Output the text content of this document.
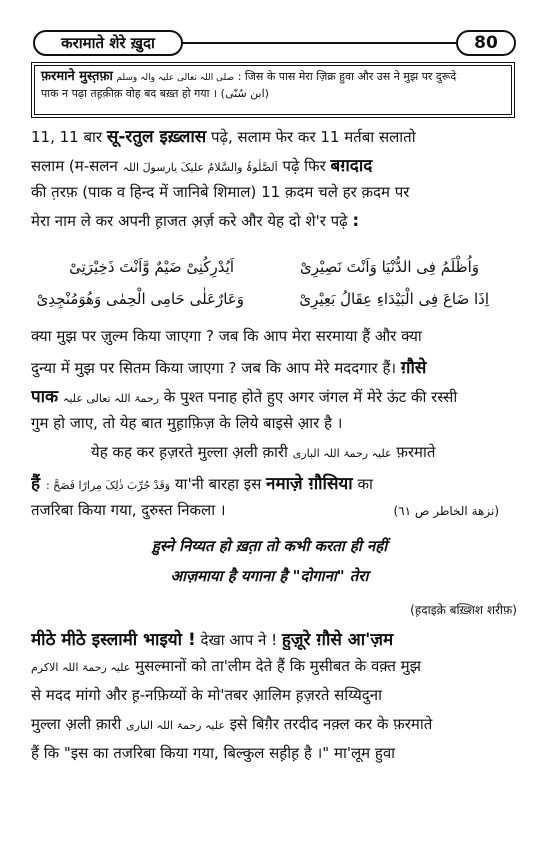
करामाते शेरे ख़ुदा	80
फ़रमाने मुस्त़फ़ा صلی اللہ تعالی علیہ والہ وسلم : जिस के पास मेरा ज़िक्र हुवा और उस ने मुझ पर दुरूदे
पाक न पढ़ा तह़क़ीक़ वोह बद बख़्त हो गया । (ابن سُنّی)
11, 11 बार सू-रतुल इख़्लास पढ़े, सलाम फेर कर 11 मर्तबा सलातो
सलाम (म-सलन اَلصَّلٰوۃُ والسَّلامُ علیکَ یارسولَ اللہ पढ़े फिर बग़दाद
की त़रफ़ (पाक व हिन्द में जानिबे शिमाल) 11 क़दम चले हर क़दम पर
मेरा नाम ले कर अपनी ह़ाजत अ़र्ज़ करे और येह दो शे'र पढ़े :
اَیُدْرِکُنِیْ ضَیْمٌ وَّاَنْتَ ذَخِیْرَتِیْ	وَاُظْلَمُ فِی الدُّنْیَا وَاَنْتَ نَصِیْرِیْ
وَعَارٌعَلٰی حَامِی الْحِمٰی وَهُوَمُنْجِدِیْ	اِذَا ضَاعَ فِی الْبَیْدَاءِ عِقَالُ بَعِیْرِیْ
क्या मुझ पर ज़ुल्म किया जाएगा ? जब कि आप मेरा सरमाया हैं और क्या
दुन्या में मुझ पर सितम किया जाएगा ? जब कि आप मेरे मददगार हैं। ग़ौसे
पाक رحمۃ اللہ تعالی علیہ के पुश्त पनाह होते हुए अगर जंगल में मेरे ऊंट की रस्सी
गुम हो जाए, तो येह बात मुह़ाफ़िज़ के लिये बाइसे आ़र है ।
येह कह कर ह़ज़रते मुल्ला अ़ली क़ारी علیہ رحمۃ اللہ الباری फ़रमाते
हैं : وَقَدْ جُرِّبَ ذٰلِکَ مِرارًا فَصَحَّ या'नी बारहा इस नमाज़े ग़ौसिया का
तजरिबा किया गया, दुरुस्त निकला ।	(نزهة الخاطر ص ٦١)
ह़ुस्ने निय्यत हो ख़त़ा तो कभी करता ही नहीं
आज़माया है यगाना है "दोगाना" तेरा
(ह़दाइक़े बख़्शिश शरीफ़)
मीठे मीठे इस्लामी भाइयो ! देखा आप ने ! हुज़ूरे ग़ौसे आ'ज़म
علیہ رحمۃ اللہ الاکرم मुसल्मानों को ता'लीम देते हैं कि मुसीबत के वक़्त मुझ
से मदद मांगो और ह़-नफ़िय्यों के मो'तबर आ़लिम ह़ज़रते सय्यिदुना
मुल्ला अ़ली क़ारी علیہ رحمۃ اللہ الباری इसे बिग़ैर तरदीद नक़्ल कर के फ़रमाते
हैं कि "इस का तजरिबा किया गया, बिल्कुल सह़ीह़ है ।" मा'लूम हुवा
